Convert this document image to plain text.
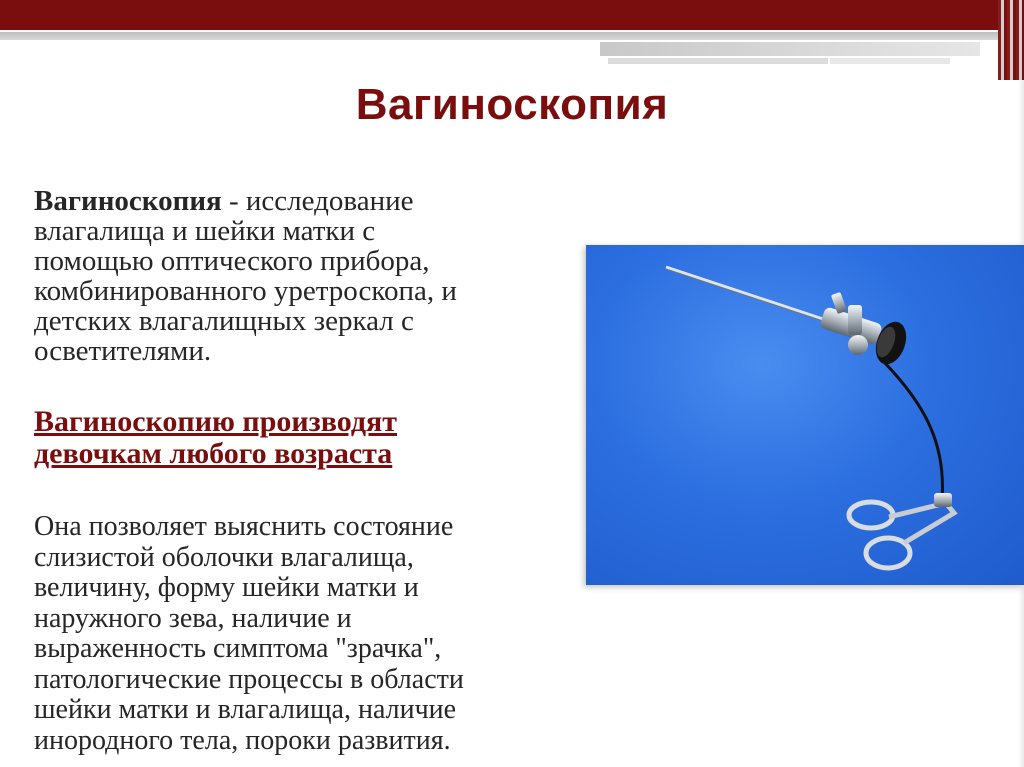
Вагиноскопия
Вагиноскопия - исследование
влагалища и шейки матки с
помощью оптического прибора,
комбинированного уретроскопа, и
детских влагалищных зеркал с
осветителями.
Вагиноскопию производят
девочкам любого возраста
Она позволяет выяснить состояние
слизистой оболочки влагалища,
величину, форму шейки матки и
наружного зева, наличие и
выраженность симптома "зрачка",
патологические процессы в области
шейки матки и влагалища, наличие
инородного тела, пороки развития.
